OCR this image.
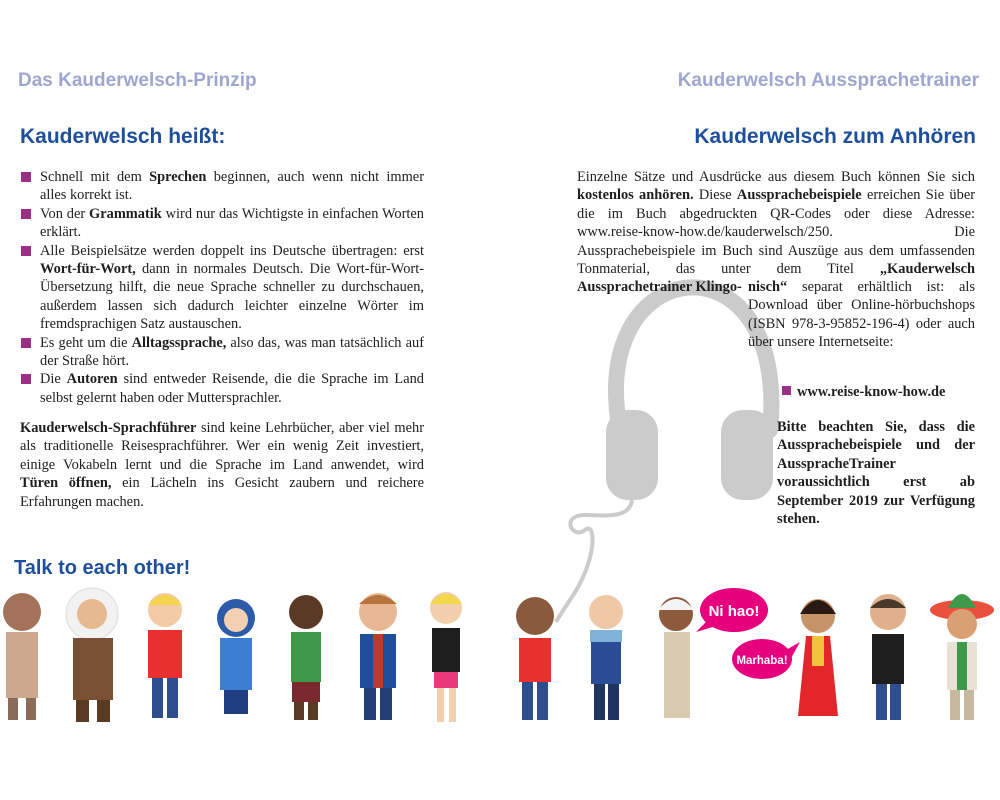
Das Kauderwelsch-Prinzip
Kauderwelsch heißt:
Schnell mit dem Sprechen beginnen, auch wenn nicht immer alles korrekt ist.
Von der Grammatik wird nur das Wichtigste in einfachen Worten erklärt.
Alle Beispielsätze werden doppelt ins Deutsche übertragen: erst Wort-für-Wort, dann in normales Deutsch. Die Wort-für-Wort-Übersetzung hilft, die neue Sprache schneller zu durchschauen, außerdem lassen sich dadurch leichter einzelne Wörter im fremdsprachigen Satz austauschen.
Es geht um die Alltagssprache, also das, was man tatsächlich auf der Straße hört.
Die Autoren sind entweder Reisende, die die Sprache im Land selbst gelernt haben oder Muttersprachler.
Kauderwelsch-Sprachführer sind keine Lehrbücher, aber viel mehr als traditionelle Reisesprachführer. Wer ein wenig Zeit investiert, einige Vokabeln lernt und die Sprache im Land anwendet, wird Türen öffnen, ein Lächeln ins Gesicht zaubern und reichere Erfahrungen machen.
Talk to each other!
Kauderwelsch Aussprachetrainer
Kauderwelsch zum Anhören
Einzelne Sätze und Ausdrücke aus diesem Buch können Sie sich kostenlos anhören. Diese Aussprachebeispiele erreichen Sie über die im Buch abgedruckten QR-Codes oder diese Adresse: www.reise-know-how.de/kauderwelsch/250. Die Aussprachebeispiele im Buch sind Auszüge aus dem umfassenden Tonmaterial, das unter dem Titel „Kauderwelsch Aussprachetrainer Klingo- nisch“ separat erhältlich ist: als Download über Online-hörbuchshops (ISBN 978-3-95852-196-4) oder auch über unsere Internetseite:
www.reise-know-how.de
Bitte beachten Sie, dass die Aussprachebeispiele und der AusspracheTrainer voraussichtlich erst ab September 2019 zur Verfügung stehen.
Ni hao!
Marhaba!
